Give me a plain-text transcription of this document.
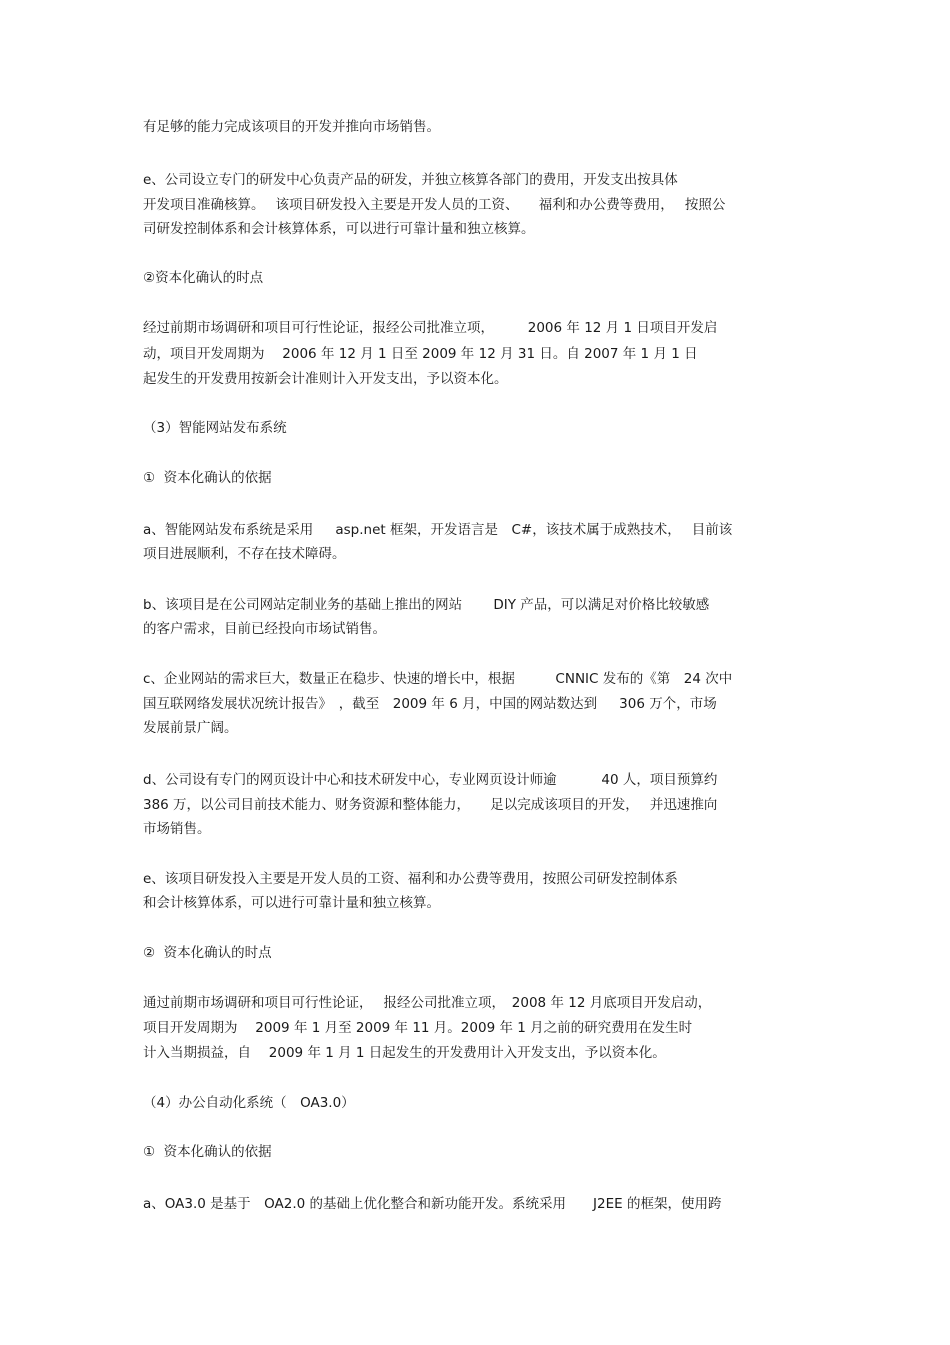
有足够的能力完成该项目的开发并推向市场销售。
e、公司设立专门的研发中心负责产品的研发，并独立核算各部门的费用，开发支出按具体
开发项目准确核算。　 该项目研发投入主要是开发人员的工资、　　福利和办公费等费用，　 按照公
司研发控制体系和会计核算体系，可以进行可靠计量和独立核算。
②资本化确认的时点
经过前期市场调研和项目可行性论证，报经公司批准立项，　　　2006 年 12 月 1 日项目开发启
动，项目开发周期为　 2006 年 12 月 1 日至 2009 年 12 月 31 日。自 2007 年 1 月 1 日
起发生的开发费用按新会计准则计入开发支出，予以资本化。
（3）智能网站发布系统
①  资本化确认的依据
a、智能网站发布系统是采用　  asp.net 框架，开发语言是　C#，该技术属于成熟技术，　 目前该
项目进展顺利，不存在技术障碍。
b、该项目是在公司网站定制业务的基础上推出的网站　　 DIY 产品，可以满足对价格比较敏感
的客户需求，目前已经投向市场试销售。
c、企业网站的需求巨大，数量正在稳步、快速的增长中，根据　　　CNNIC 发布的《第　24 次中
国互联网络发展状况统计报告》　，截至　2009 年 6 月，中国的网站数达到　  306 万个，市场
发展前景广阔。
d、公司设有专门的网页设计中心和技术研发中心，专业网页设计师逾　　　 40 人，项目预算约
386 万，以公司目前技术能力、财务资源和整体能力，　　足以完成该项目的开发，　 并迅速推向
市场销售。
e、该项目研发投入主要是开发人员的工资、福利和办公费等费用，按照公司研发控制体系
和会计核算体系，可以进行可靠计量和独立核算。
②  资本化确认的时点
通过前期市场调研和项目可行性论证，　 报经公司批准立项，　2008 年 12 月底项目开发启动，
项目开发周期为　 2009 年 1 月至 2009 年 11 月。2009 年 1 月之前的研究费用在发生时
计入当期损益，自　 2009 年 1 月 1 日起发生的开发费用计入开发支出，予以资本化。
（4）办公自动化系统（　OA3.0）
①  资本化确认的依据
a、OA3.0 是基于　OA2.0 的基础上优化整合和新功能开发。系统采用　　J2EE 的框架，使用跨
